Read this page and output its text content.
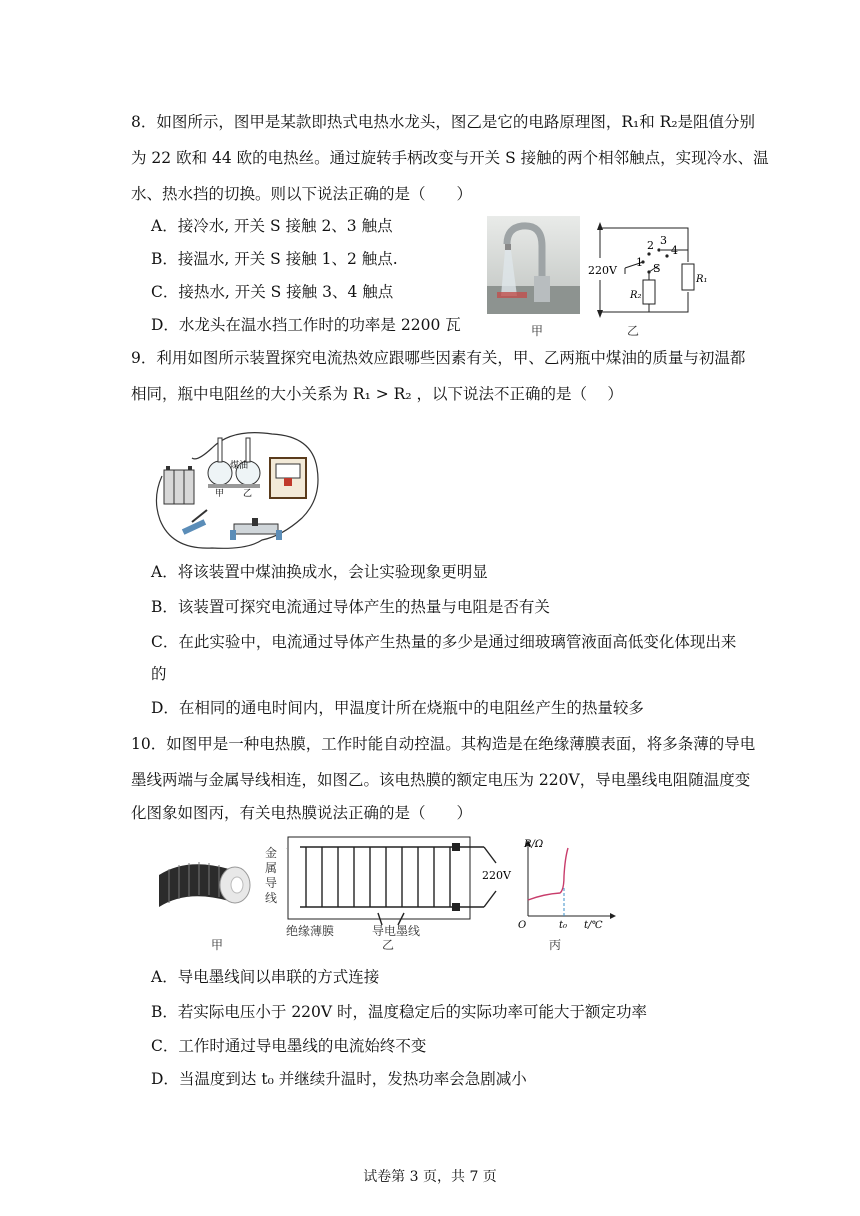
8．如图所示，图甲是某款即热式电热水龙头，图乙是它的电路原理图，R₁和 R₂是阻值分别
为 22 欧和 44 欧的电热丝。通过旋转手柄改变与开关 S 接触的两个相邻触点，实现冷水、温
水、热水挡的切换。则以下说法正确的是（　　）
A．接冷水, 开关 S 接触 2、3 触点
B．接温水, 开关 S 接触 1、2 触点.
C．接热水, 开关 S 接触 3、4 触点
D．水龙头在温水挡工作时的功率是 2200 瓦	甲
220V
2 3
4
1 S
R₂
R₁
乙
9．利用如图所示装置探究电流热效应跟哪些因素有关，甲、乙两瓶中煤油的质量与初温都
相同，瓶中电阻丝的大小关系为 R₁ > R₂ ，以下说法不正确的是（　 ）
煤油
甲 乙
A．将该装置中煤油换成水，会让实验现象更明显
B．该装置可探究电流通过导体产生的热量与电阻是否有关
C．在此实验中，电流通过导体产生热量的多少是通过细玻璃管液面高低变化体现出来
的
D．在相同的通电时间内，甲温度计所在烧瓶中的电阻丝产生的热量较多
10．如图甲是一种电热膜，工作时能自动控温。其构造是在绝缘薄膜表面，将多条薄的导电
墨线两端与金属导线相连，如图乙。该电热膜的额定电压为 220V，导电墨线电阻随温度变
化图象如图丙，有关电热膜说法正确的是（　　）
甲
金属导线
220V
绝缘薄膜	导电墨线
乙
R/Ω
O	t₀ t/℃
丙
A．导电墨线间以串联的方式连接
B．若实际电压小于 220V 时，温度稳定后的实际功率可能大于额定功率
C．工作时通过导电墨线的电流始终不变
D．当温度到达 t₀ 并继续升温时，发热功率会急剧减小
试卷第 3 页，共 7 页
